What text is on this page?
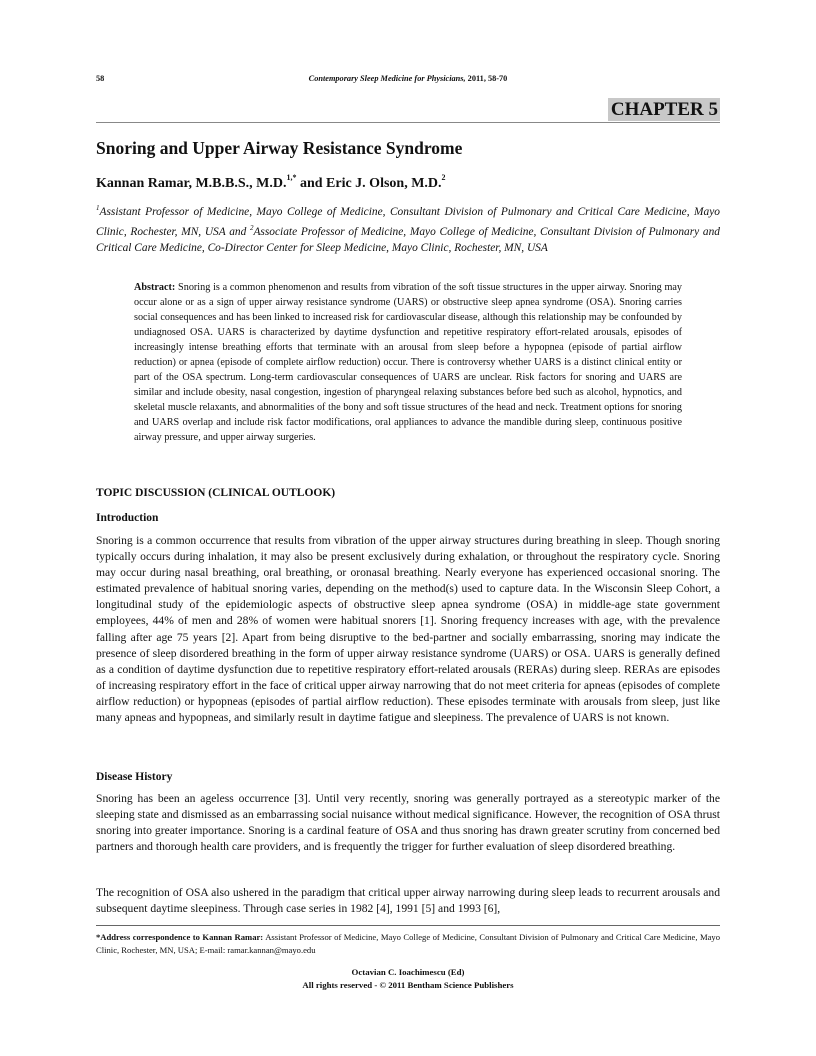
58	Contemporary Sleep Medicine for Physicians, 2011, 58-70
CHAPTER 5
Snoring and Upper Airway Resistance Syndrome
Kannan Ramar, M.B.B.S., M.D.$^{1,*}$ and Eric J. Olson, M.D.$^2$
$^1$Assistant Professor of Medicine, Mayo College of Medicine, Consultant Division of Pulmonary and Critical Care Medicine, Mayo Clinic, Rochester, MN, USA and $^2$Associate Professor of Medicine, Mayo College of Medicine, Consultant Division of Pulmonary and Critical Care Medicine, Co-Director Center for Sleep Medicine, Mayo Clinic, Rochester, MN, USA
Abstract: Snoring is a common phenomenon and results from vibration of the soft tissue structures in the upper airway. Snoring may occur alone or as a sign of upper airway resistance syndrome (UARS) or obstructive sleep apnea syndrome (OSA). Snoring carries social consequences and has been linked to increased risk for cardiovascular disease, although this relationship may be confounded by undiagnosed OSA. UARS is characterized by daytime dysfunction and repetitive respiratory effort-related arousals, episodes of increasingly intense breathing efforts that terminate with an arousal from sleep before a hypopnea (episode of partial airflow reduction) or apnea (episode of complete airflow reduction) occur. There is controversy whether UARS is a distinct clinical entity or part of the OSA spectrum. Long-term cardiovascular consequences of UARS are unclear. Risk factors for snoring and UARS are similar and include obesity, nasal congestion, ingestion of pharyngeal relaxing substances before bed such as alcohol, hypnotics, and skeletal muscle relaxants, and abnormalities of the bony and soft tissue structures of the head and neck. Treatment options for snoring and UARS overlap and include risk factor modifications, oral appliances to advance the mandible during sleep, continuous positive airway pressure, and upper airway surgeries.
TOPIC DISCUSSION (CLINICAL OUTLOOK)
Introduction
Snoring is a common occurrence that results from vibration of the upper airway structures during breathing in sleep. Though snoring typically occurs during inhalation, it may also be present exclusively during exhalation, or throughout the respiratory cycle. Snoring may occur during nasal breathing, oral breathing, or oronasal breathing. Nearly everyone has experienced occasional snoring. The estimated prevalence of habitual snoring varies, depending on the method(s) used to capture data. In the Wisconsin Sleep Cohort, a longitudinal study of the epidemiologic aspects of obstructive sleep apnea syndrome (OSA) in middle-age state government employees, 44% of men and 28% of women were habitual snorers [1]. Snoring frequency increases with age, with the prevalence falling after age 75 years [2]. Apart from being disruptive to the bed-partner and socially embarrassing, snoring may indicate the presence of sleep disordered breathing in the form of upper airway resistance syndrome (UARS) or OSA. UARS is generally defined as a condition of daytime dysfunction due to repetitive respiratory effort-related arousals (RERAs) during sleep. RERAs are episodes of increasing respiratory effort in the face of critical upper airway narrowing that do not meet criteria for apneas (episodes of complete airflow reduction) or hypopneas (episodes of partial airflow reduction). These episodes terminate with arousals from sleep, just like many apneas and hypopneas, and similarly result in daytime fatigue and sleepiness. The prevalence of UARS is not known.
Disease History
Snoring has been an ageless occurrence [3]. Until very recently, snoring was generally portrayed as a stereotypic marker of the sleeping state and dismissed as an embarrassing social nuisance without medical significance. However, the recognition of OSA thrust snoring into greater importance. Snoring is a cardinal feature of OSA and thus snoring has drawn greater scrutiny from concerned bed partners and thorough health care providers, and is frequently the trigger for further evaluation of sleep disordered breathing.
The recognition of OSA also ushered in the paradigm that critical upper airway narrowing during sleep leads to recurrent arousals and subsequent daytime sleepiness. Through case series in 1982 [4], 1991 [5] and 1993 [6],
*Address correspondence to Kannan Ramar: Assistant Professor of Medicine, Mayo College of Medicine, Consultant Division of Pulmonary and Critical Care Medicine, Mayo Clinic, Rochester, MN, USA; E-mail: ramar.kannan@mayo.edu
Octavian C. Ioachimescu (Ed)
All rights reserved - © 2011 Bentham Science Publishers
